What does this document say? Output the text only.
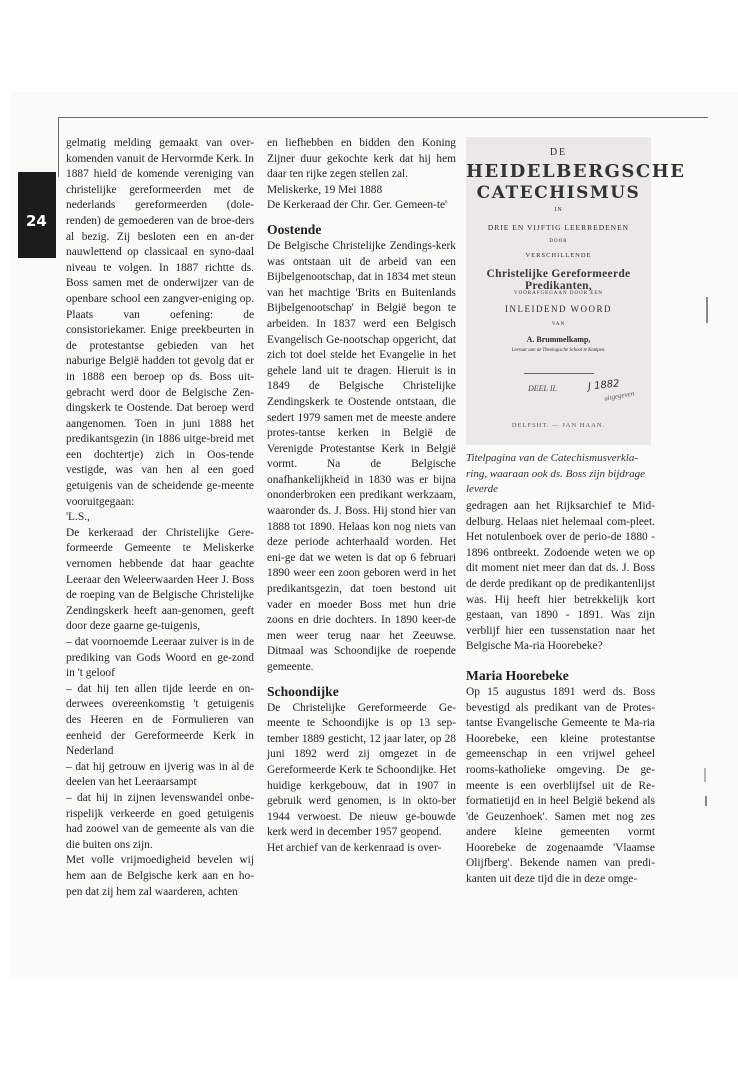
24

gelmatig melding gemaakt van over-komenden vanuit de Hervormde Kerk. In 1887 hield de komende vereniging van christelijke gereformeerden met de nederlands gereformeerden (dole-renden) de gemoederen van de broe-ders al bezig. Zij besloten een en an-der nauwlettend op classicaal en syno-daal niveau te volgen. In 1887 richtte ds. Boss samen met de onderwijzer van de openbare school een zangver-eniging op. Plaats van oefening: de consistoriekamer. Enige preekbeurten in de protestantse gebieden van het naburige België hadden tot gevolg dat er in 1888 een beroep op ds. Boss uit-gebracht werd door de Belgische Zen-dingskerk te Oostende. Dat beroep werd aangenomen. Toen in juni 1888 het predikantsgezin (in 1886 uitge-breid met een dochtertje) zich in Oos-tende vestigde, was van hen al een goed getuigenis van de scheidende ge-meente vooruitgegaan:

'L.S.,

De kerkeraad der Christelijke Gere-formeerde Gemeente te Meliskerke vernomen hebbende dat haar geachte Leeraar den Weleerwaarden Heer J. Boss de roeping van de Belgische Christelijke Zendingskerk heeft aan-genomen, geeft door deze gaarne ge-tuigenis,

– dat voornoemde Leeraar zuiver is in de prediking van Gods Woord en ge-zond in 't geloof

– dat hij ten allen tijde leerde en on-derwees overeenkomstig 't getuigenis des Heeren en de Formulieren van eenheid der Gereformeerde Kerk in Nederland

– dat hij getrouw en ijverig was in al de deelen van het Leeraarsampt

– dat hij in zijnen levenswandel onbe-rispelijk verkeerde en goed getuigenis had zoowel van de gemeente als van die die buiten ons zijn.

Met volle vrijmoedigheid bevelen wij hem aan de Belgische kerk aan en ho-pen dat zij hem zal waarderen, achten

en liefhebben en bidden den Koning Zijner duur gekochte kerk dat hij hem daar ten rijke zegen stellen zal.

Meliskerke, 19 Mei 1888

De Kerkeraad der Chr. Ger. Gemeen-te'

Oostende

De Belgische Christelijke Zendings-kerk was ontstaan uit de arbeid van een Bijbelgenootschap, dat in 1834 met steun van het machtige 'Brits en Buitenlands Bijbelgenootschap' in België begon te arbeiden. In 1837 werd een Belgisch Evangelisch Ge-nootschap opgericht, dat zich tot doel stelde het Evangelie in het gehele land uit te dragen. Hieruit is in 1849 de Belgische Christelijke Zendingskerk te Oostende ontstaan, die sedert 1979 samen met de meeste andere protes-tantse kerken in België de Verenigde Protestantse Kerk in België vormt. Na de Belgische onafhankelijkheid in 1830 was er bijna ononderbroken een predikant werkzaam, waaronder ds. J. Boss. Hij stond hier van 1888 tot 1890. Helaas kon nog niets van deze periode achterhaald worden. Het eni-ge dat we weten is dat op 6 februari 1890 weer een zoon geboren werd in het predikantsgezin, dat toen bestond uit vader en moeder Boss met hun drie zoons en drie dochters. In 1890 keer-de men weer terug naar het Zeeuwse. Ditmaal was Schoondijke de roepende gemeente.

Schoondijke

De Christelijke Gereformeerde Ge-meente te Schoondijke is op 13 sep-tember 1889 gesticht, 12 jaar later, op 28 juni 1892 werd zij omgezet in de Gereformeerde Kerk te Schoondijke. Het huidige kerkgebouw, dat in 1907 in gebruik werd genomen, is in okto-ber 1944 verwoest. De nieuw ge-bouwde kerk werd in december 1957 geopend.

Het archief van de kerkenraad is over-

DE
HEIDELBERGSCHE
CATECHISMUS
IN
DRIE EN VIJFTIG LEERREDENEN
DOOR
VERSCHILLENDE
Christelijke Gereformeerde Predikanten,
VOORAFGEGAAN DOOR EEN
INLEIDEND WOORD
VAN
A. Brummelkamp,
Leeraar aan de Theologische School te Kampen.
DEEL II.	J 1882
uitgegeven
DELFSHT. — JAN HAAN.
Titelpagina van de Catechismusverkla-ring, waaraan ook ds. Boss zijn bijdrage leverde

gedragen aan het Rijksarchief te Mid-delburg. Helaas niet helemaal com-pleet. Het notulenboek over de perio-de 1880 - 1896 ontbreekt. Zodoende weten we op dit moment niet meer dan dat ds. J. Boss de derde predikant op de predikantenlijst was. Hij heeft hier betrekkelijk kort gestaan, van 1890 - 1891. Was zijn verblijf hier een tussenstation naar het Belgische Ma-ria Hoorebeke?

Maria Hoorebeke

Op 15 augustus 1891 werd ds. Boss bevestigd als predikant van de Protes-tantse Evangelische Gemeente te Ma-ria Hoorebeke, een kleine protestantse gemeenschap in een vrijwel geheel rooms-katholieke omgeving. De ge-meente is een overblijfsel uit de Re-formatietijd en in heel België bekend als 'de Geuzenhoek'. Samen met nog zes andere kleine gemeenten vormt Hoorebeke de zogenaamde 'Vlaamse Olijfberg'. Bekende namen van predi-kanten uit deze tijd die in deze omge-
